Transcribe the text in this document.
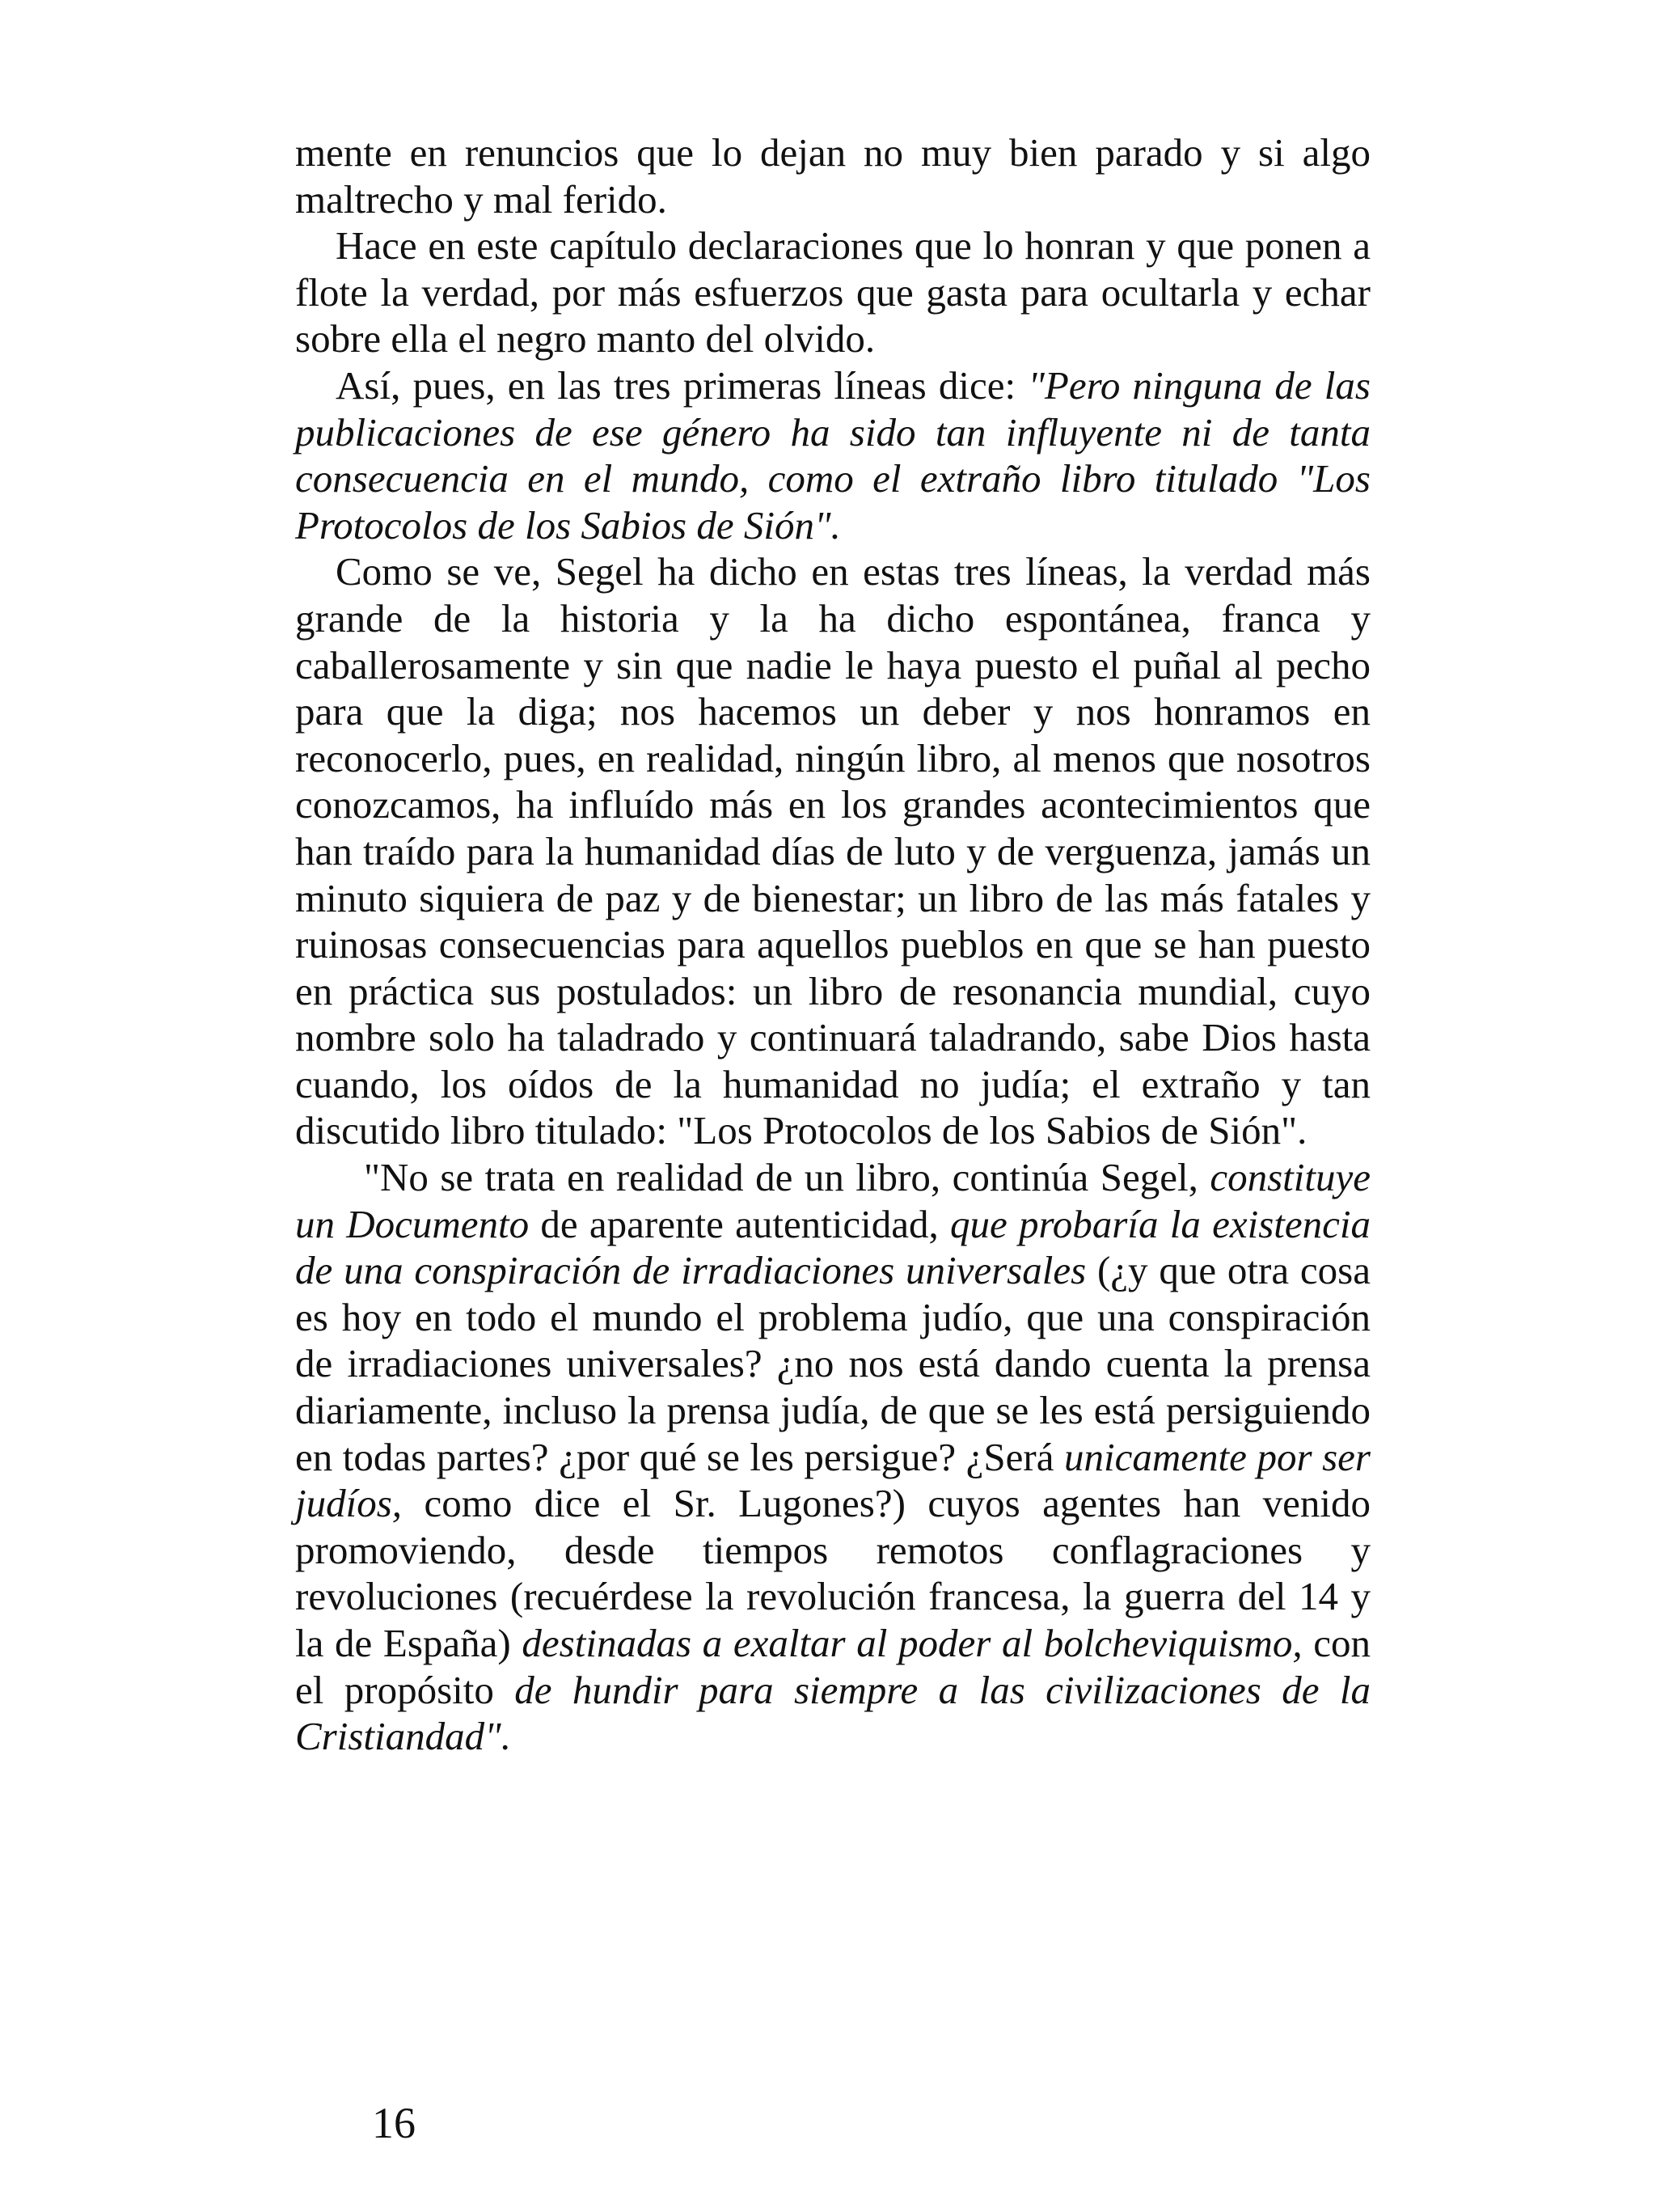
mente en renuncios que lo dejan no muy bien parado y si algo maltrecho y mal ferido.

Hace en este capítulo declaraciones que lo honran y que ponen a flote la verdad, por más esfuerzos que gasta para ocultarla y echar sobre ella el negro manto del olvido.

Así, pues, en las tres primeras líneas dice: "Pero ninguna de las publicaciones de ese género ha sido tan influyente ni de tanta consecuencia en el mundo, como el extraño libro titulado "Los Protocolos de los Sabios de Sión".

Como se ve, Segel ha dicho en estas tres líneas, la verdad más grande de la historia y la ha dicho espontánea, franca y caballerosamente y sin que nadie le haya puesto el puñal al pecho para que la diga; nos hacemos un deber y nos honramos en reconocerlo, pues, en realidad, ningún libro, al menos que nosotros conozcamos, ha influído más en los grandes acontecimientos que han traído para la humanidad días de luto y de verguenza, jamás un minuto siquiera de paz y de bienestar; un libro de las más fatales y ruinosas consecuencias para aquellos pueblos en que se han puesto en práctica sus postulados: un libro de resonancia mundial, cuyo nombre solo ha taladrado y continuará taladrando, sabe Dios hasta cuando, los oídos de la humanidad no judía; el extraño y tan discutido libro titulado: "Los Protocolos de los Sabios de Sión".

"No se trata en realidad de un libro, continúa Segel, constituye un Documento de aparente autenticidad, que probaría la existencia de una conspiración de irradiaciones universales (¿y que otra cosa es hoy en todo el mundo el problema judío, que una conspiración de irradiaciones universales? ¿no nos está dando cuenta la prensa diariamente, incluso la prensa judía, de que se les está persiguiendo en todas partes? ¿por qué se les persigue? ¿Será unicamente por ser judíos, como dice el Sr. Lugones?) cuyos agentes han venido promoviendo, desde tiempos remotos conflagraciones y revoluciones (recuérdese la revolución francesa, la guerra del 14 y la de España) destinadas a exaltar al poder al bolcheviquismo, con el propósito de hundir para siempre a las civilizaciones de la Cristiandad".

16
